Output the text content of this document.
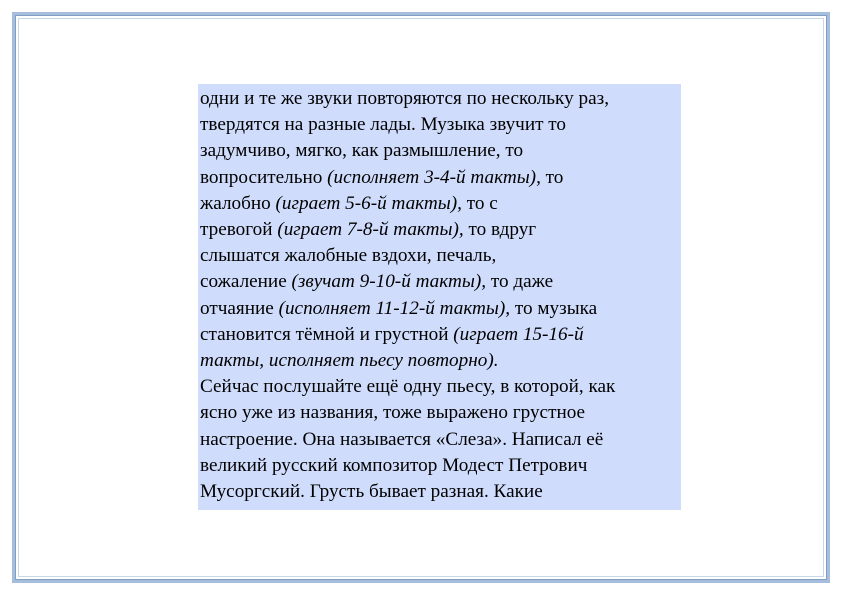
одни и те же звуки повторяются по нескольку раз,
твердятся на разные лады. Музыка звучит то
задумчиво, мягко, как размышление, то
вопросительно (исполняет 3-4-й такты), то
жалобно (играет 5-6-й такты), то с
тревогой (играет 7-8-й такты), то вдруг
слышатся жалобные вздохи, печаль,
сожаление (звучат 9-10-й такты), то даже
отчаяние (исполняет 11-12-й такты), то музыка
становится тёмной и грустной (играет 15-16-й
такты, исполняет пьесу повторно).
Сейчас послушайте ещё одну пьесу, в которой, как
ясно уже из названия, тоже выражено грустное
настроение. Она называется «Слеза». Написал её
великий русский композитор Модест Петрович
Мусоргский. Грусть бывает разная. Какие
